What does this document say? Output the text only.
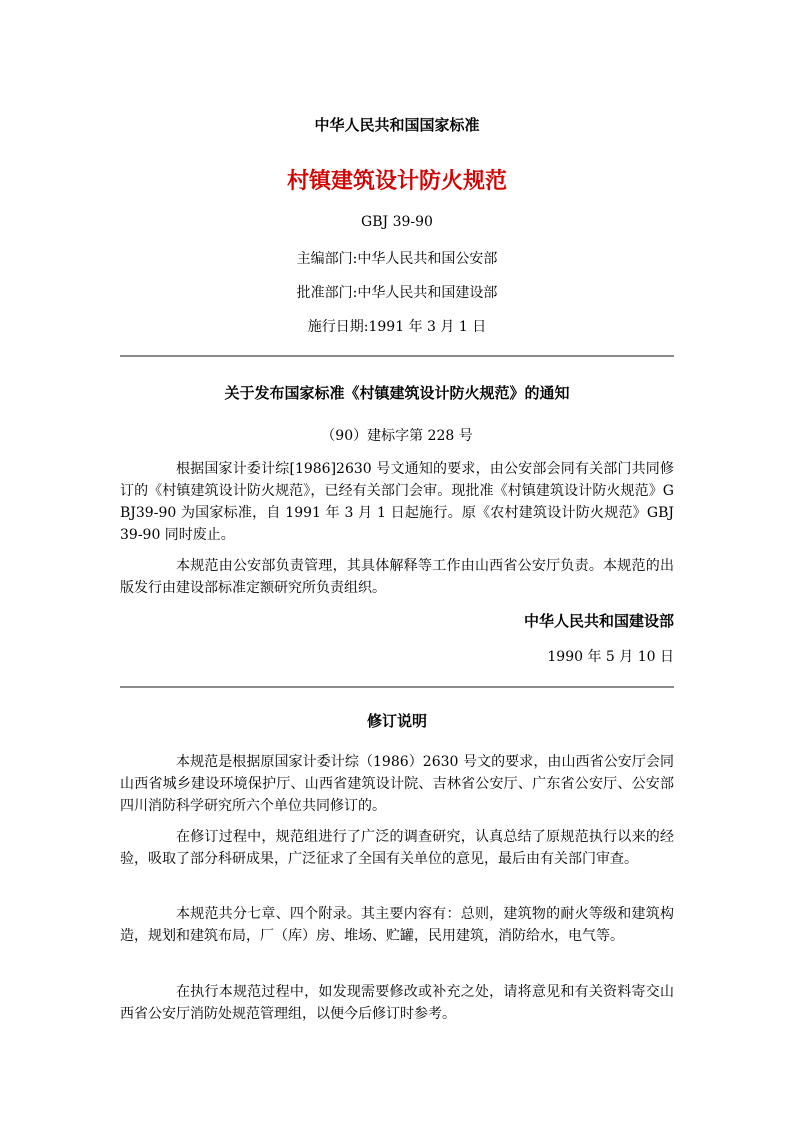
中华人民共和国国家标准
村镇建筑设计防火规范
GBJ 39-90
主编部门:中华人民共和国公安部
批准部门:中华人民共和国建设部
施行日期:1991 年 3 月 1 日
关于发布国家标准《村镇建筑设计防火规范》的通知
（90）建标字第 228 号
根据国家计委计综[1986]2630 号文通知的要求，由公安部会同有关部门共同修订的《村镇建筑设计防火规范》，已经有关部门会审。现批准《村镇建筑设计防火规范》GBJ39-90 为国家标准，自 1991 年 3 月 1 日起施行。原《农村建筑设计防火规范》GBJ39-90 同时废止。
本规范由公安部负责管理，其具体解释等工作由山西省公安厅负责。本规范的出版发行由建设部标准定额研究所负责组织。
中华人民共和国建设部
1990 年 5 月 10 日
修订说明
本规范是根据原国家计委计综（1986）2630 号文的要求，由山西省公安厅会同山西省城乡建设环境保护厅、山西省建筑设计院、吉林省公安厅、广东省公安厅、公安部四川消防科学研究所六个单位共同修订的。
在修订过程中，规范组进行了广泛的调查研究，认真总结了原规范执行以来的经验，吸取了部分科研成果，广泛征求了全国有关单位的意见，最后由有关部门审查。
本规范共分七章、四个附录。其主要内容有：总则，建筑物的耐火等级和建筑构造，规划和建筑布局，厂（库）房、堆场、贮罐，民用建筑，消防给水，电气等。
在执行本规范过程中，如发现需要修改或补充之处，请将意见和有关资料寄交山西省公安厅消防处规范管理组，以便今后修订时参考。
